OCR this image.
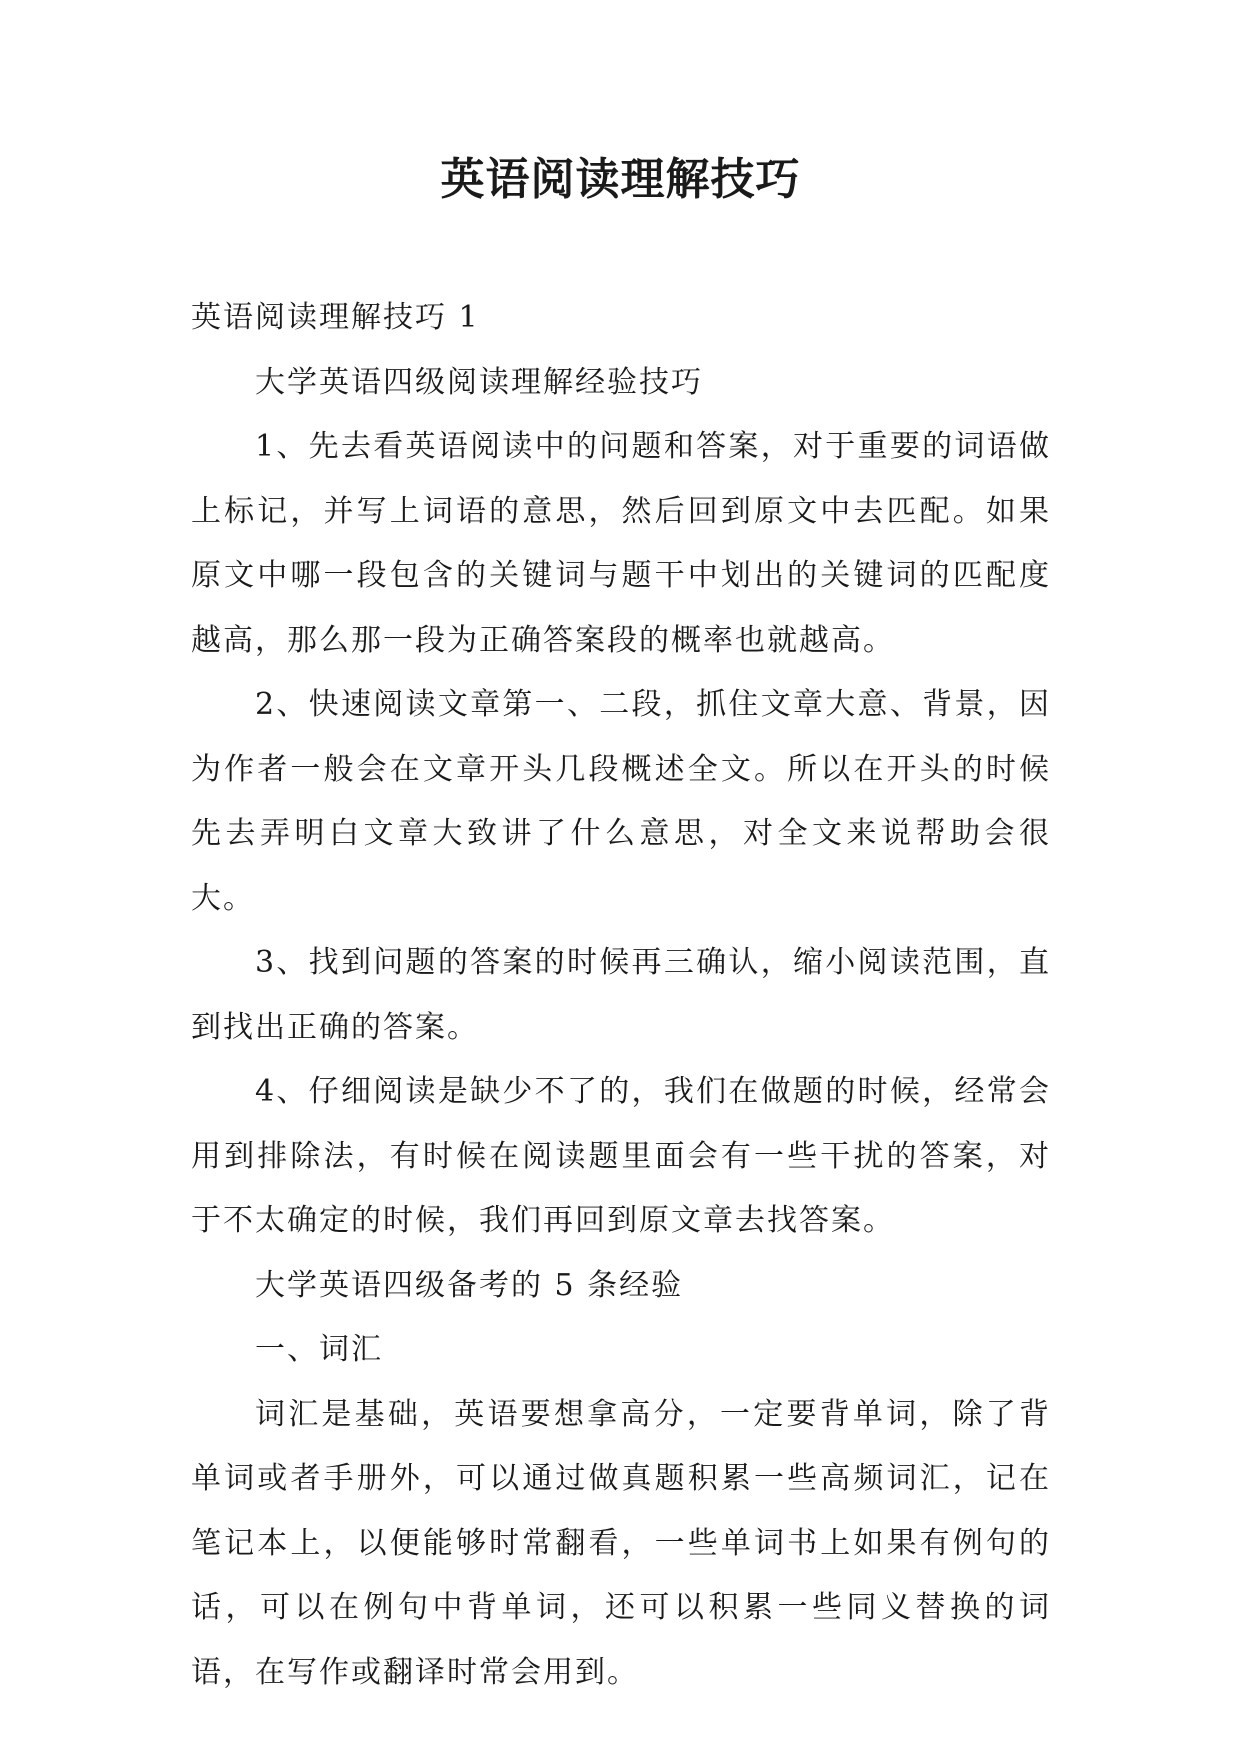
英语阅读理解技巧

英语阅读理解技巧 1

大学英语四级阅读理解经验技巧

1、先去看英语阅读中的问题和答案，对于重要的词语做上标记，并写上词语的意思，然后回到原文中去匹配。如果原文中哪一段包含的关键词与题干中划出的关键词的匹配度越高，那么那一段为正确答案段的概率也就越高。

2、快速阅读文章第一、二段，抓住文章大意、背景，因为作者一般会在文章开头几段概述全文。所以在开头的时候先去弄明白文章大致讲了什么意思，对全文来说帮助会很大。

3、找到问题的答案的时候再三确认，缩小阅读范围，直到找出正确的答案。

4、仔细阅读是缺少不了的，我们在做题的时候，经常会用到排除法，有时候在阅读题里面会有一些干扰的答案，对于不太确定的时候，我们再回到原文章去找答案。

大学英语四级备考的 5 条经验

一、词汇

词汇是基础，英语要想拿高分，一定要背单词，除了背单词或者手册外，可以通过做真题积累一些高频词汇，记在笔记本上，以便能够时常翻看，一些单词书上如果有例句的话，可以在例句中背单词，还可以积累一些同义替换的词语，在写作或翻译时常会用到。
